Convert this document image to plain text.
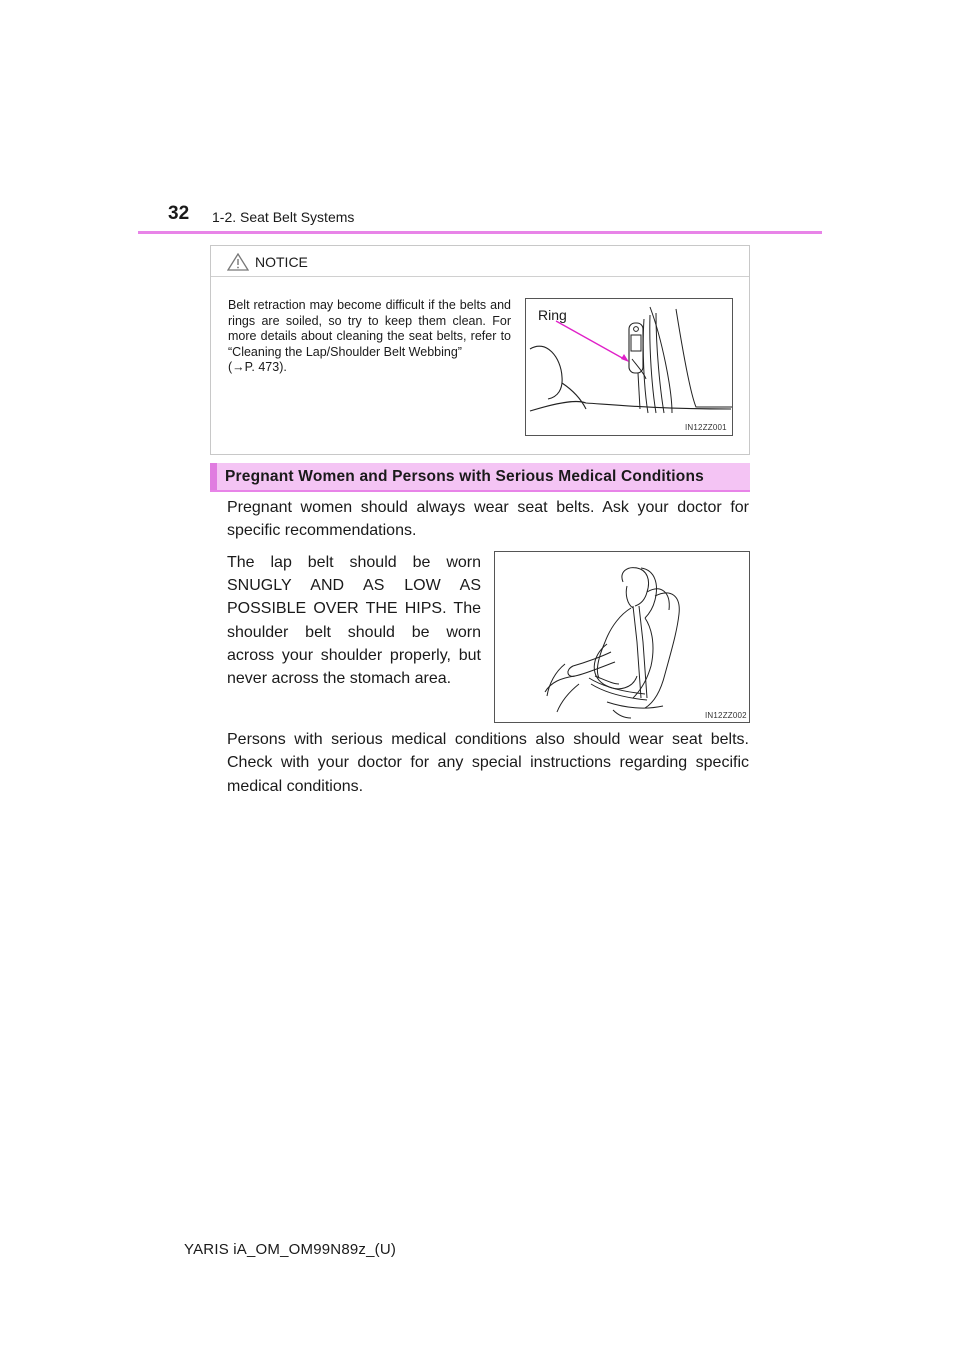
32 1-2. Seat Belt Systems
NOTICE
Belt retraction may become difficult if the belts and rings are soiled, so try to keep them clean. For more details about cleaning the seat belts, refer to “Cleaning the Lap/Shoulder Belt Webbing”
(→P. 473).
Ring
IN12ZZ001
Pregnant Women and Persons with Serious Medical Conditions
Pregnant women should always wear seat belts. Ask your doctor for specific recommendations.
The lap belt should be worn SNUGLY AND AS LOW AS POSSIBLE OVER THE HIPS. The shoulder belt should be worn across your shoulder properly, but never across the stomach area.
IN12ZZ002
Persons with serious medical conditions also should wear seat belts. Check with your doctor for any special instructions regarding specific medical conditions.
YARIS iA_OM_OM99N89z_(U)
